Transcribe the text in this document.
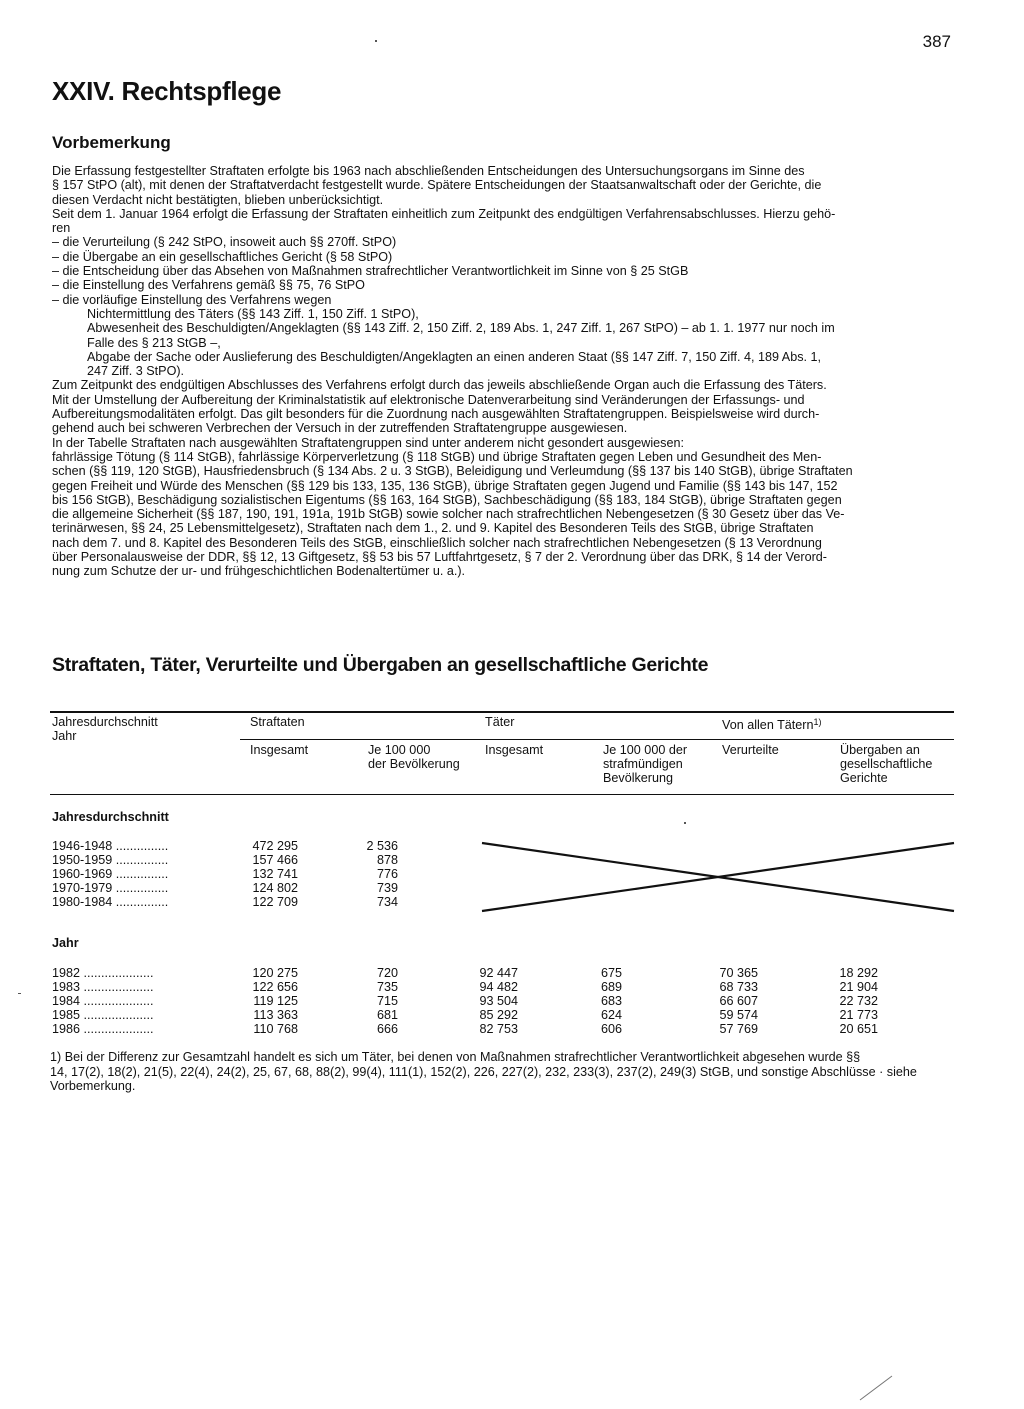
387
XXIV. Rechtspflege
Vorbemerkung
Die Erfassung festgestellter Straftaten erfolgte bis 1963 nach abschließenden Entscheidungen des Untersuchungsorgans im Sinne des
§ 157 StPO (alt), mit denen der Straftatverdacht festgestellt wurde. Spätere Entscheidungen der Staatsanwaltschaft oder der Gerichte, die
diesen Verdacht nicht bestätigten, blieben unberücksichtigt.
Seit dem 1. Januar 1964 erfolgt die Erfassung der Straftaten einheitlich zum Zeitpunkt des endgültigen Verfahrensabschlusses. Hierzu gehö-
ren
– die Verurteilung (§ 242 StPO, insoweit auch §§ 270ff. StPO)
– die Übergabe an ein gesellschaftliches Gericht (§ 58 StPO)
– die Entscheidung über das Absehen von Maßnahmen strafrechtlicher Verantwortlichkeit im Sinne von § 25 StGB
– die Einstellung des Verfahrens gemäß §§ 75, 76 StPO
– die vorläufige Einstellung des Verfahrens wegen
Nichtermittlung des Täters (§§ 143 Ziff. 1, 150 Ziff. 1 StPO),
Abwesenheit des Beschuldigten/Angeklagten (§§ 143 Ziff. 2, 150 Ziff. 2, 189 Abs. 1, 247 Ziff. 1, 267 StPO) – ab 1. 1. 1977 nur noch im
Falle des § 213 StGB –,
Abgabe der Sache oder Auslieferung des Beschuldigten/Angeklagten an einen anderen Staat (§§ 147 Ziff. 7, 150 Ziff. 4, 189 Abs. 1,
247 Ziff. 3 StPO).
Zum Zeitpunkt des endgültigen Abschlusses des Verfahrens erfolgt durch das jeweils abschließende Organ auch die Erfassung des Täters.
Mit der Umstellung der Aufbereitung der Kriminalstatistik auf elektronische Datenverarbeitung sind Veränderungen der Erfassungs- und
Aufbereitungsmodalitäten erfolgt. Das gilt besonders für die Zuordnung nach ausgewählten Straftatengruppen. Beispielsweise wird durch-
gehend auch bei schweren Verbrechen der Versuch in der zutreffenden Straftatengruppe ausgewiesen.
In der Tabelle Straftaten nach ausgewählten Straftatengruppen sind unter anderem nicht gesondert ausgewiesen:
fahrlässige Tötung (§ 114 StGB), fahrlässige Körperverletzung (§ 118 StGB) und übrige Straftaten gegen Leben und Gesundheit des Men-
schen (§§ 119, 120 StGB), Hausfriedensbruch (§ 134 Abs. 2 u. 3 StGB), Beleidigung und Verleumdung (§§ 137 bis 140 StGB), übrige Straftaten
gegen Freiheit und Würde des Menschen (§§ 129 bis 133, 135, 136 StGB), übrige Straftaten gegen Jugend und Familie (§§ 143 bis 147, 152
bis 156 StGB), Beschädigung sozialistischen Eigentums (§§ 163, 164 StGB), Sachbeschädigung (§§ 183, 184 StGB), übrige Straftaten gegen
die allgemeine Sicherheit (§§ 187, 190, 191, 191a, 191b StGB) sowie solcher nach strafrechtlichen Nebengesetzen (§ 30 Gesetz über das Ve-
terinärwesen, §§ 24, 25 Lebensmittelgesetz), Straftaten nach dem 1., 2. und 9. Kapitel des Besonderen Teils des StGB, übrige Straftaten
nach dem 7. und 8. Kapitel des Besonderen Teils des StGB, einschließlich solcher nach strafrechtlichen Nebengesetzen (§ 13 Verordnung
über Personalausweise der DDR, §§ 12, 13 Giftgesetz, §§ 53 bis 57 Luftfahrtgesetz, § 7 der 2. Verordnung über das DRK, § 14 der Verord-
nung zum Schutze der ur- und frühgeschichtlichen Bodenaltertümer u. a.).
Straftaten, Täter, Verurteilte und Übergaben an gesellschaftliche Gerichte
Jahresdurchschnitt
Jahr
Straftaten	Täter	Von allen Tätern$^{1)}$
Insgesamt	Je 100 000
der Bevölkerung
Insgesamt	Je 100 000 der
strafmündigen
Bevölkerung
Verurteilte	Übergaben an
gesellschaftliche
Gerichte
Jahresdurchschnitt
1946-1948 ...............	472 295	2 536
1950-1959 ...............	157 466	878
1960-1969 ...............	132 741	776
1970-1979 ...............	124 802	739
1980-1984 ...............	122 709	734
Jahr
1982 ....................	120 275	720	92 447	675	70 365	18 292
1983 ....................	122 656	735	94 482	689	68 733	21 904
1984 ....................	119 125	715	93 504	683	66 607	22 732
1985 ....................	113 363	681	85 292	624	59 574	21 773
1986 ....................	110 768	666	82 753	606	57 769	20 651
1) Bei der Differenz zur Gesamtzahl handelt es sich um Täter, bei denen von Maßnahmen strafrechtlicher Verantwortlichkeit abgesehen wurde §§
14, 17(2), 18(2), 21(5), 22(4), 24(2), 25, 67, 68, 88(2), 99(4), 111(1), 152(2), 226, 227(2), 232, 233(3), 237(2), 249(3) StGB, und sonstige Abschlüsse · siehe
Vorbemerkung.
